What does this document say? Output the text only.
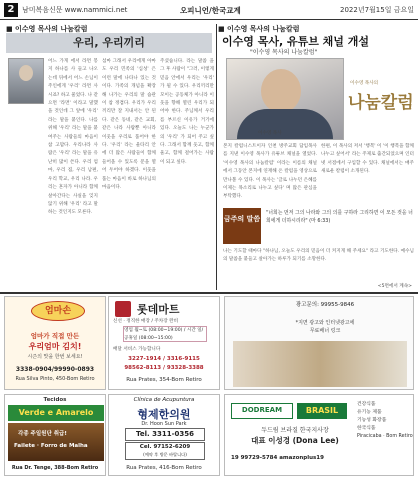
2	남미복음신문 www.nammici.net	오피니언/한국교계	2022년7월15일 금요일
■ 이수영 목사의 나눔칼럼
우리, 우리끼리
어느 가게 에서 라면 봉지 하나를 사 들고 나오는데 뒤에서 어느 손님이 주인에게 '우리' 라면 사시죠? 하고 물었다. 나 같으면 '라면' 이라고 말했을 것인데 그 앞에 '우리' 라는 말을 붙인다. 나를 위해 '우리' 라는 말을 붙여주는 사람들의 마음이 참 고맙다. 우리나라 사람은 '우리' 라는 말을 유난히 많이 쓴다. 우리 엄마, 우리 집, 우리 남편, 우리 학교, 우리 나라. 우리는 혼자가 아니라 함께 살아간다는 사실을 잊지 않기 위해 '우리' 라고 말하는 것인지도 모른다.
섬마 그래서 우리에게 아마도 우리 민족의 '심성' 은 이런 말에 나타나 있는 것이다. 가족의 개념을 확장해 나가는 우리의 말 습관이 참 정겹다. 우리가 우리끼리만 잘 지내서는 안 된다. 같은 동네, 같은 교회, 같은 나라 사람뿐 아니라 이웃을 우리로 품어야 한다. '우리' 라는 울타리 안에 더 많은 사람들이 함께 들어올 수 있도록 문을 열어 두어야 하겠다. 이웃을 품는 마음이 바로 하나님의 마음이다.
주셨습니다. 라는 말씀 을 그 후 사람이 "그러, 이렇게 믿음 안에서 우리는 '우리' 가 될 수 있다. 우리끼리만 모이는 공동체가 아니라 이웃을 향해 열린 우리가 되어야 한다. 주님께서 우리를 부르신 이유가 거기에 있다. 오늘도 나는 누군가의 '우리' 가 되어 주고 싶다. 그래서 함께 웃고, 함께 울고, 함께 걸어가는 사람이 되고 싶다.
■ 이수영 목사의 나눔칼럼
이수영 목사, 유튜브 채널 개설
"이수영 목사의 나눔칼럼"
이수영 목사
이수영 목사의
나눔칼럼
본지 칼럼니스트이자 인천 방주교회 담임목사를 지낸 이수영 목사가 유튜브 채널을 열었다. '이수영 목사의 나눔칼럼' 이라는 이름의 채널에서 그동안 본지에 연재해 온 칼럼을 영상으로 만나볼 수 있다. 이 목사는 '글로 나누던 은혜를 이제는 목소리로 나누고 싶다' 며 많은 관심을 부탁했다.
한편, 이 목사의 저서 '행복' 이 '이 행복을 함께 나누고 싶어서' 라는 주제로 출간되었으며 인터넷 서점에서 구입할 수 있다. 채널에서는 매주 새로운 칼럼이 소개된다.
금주의 말씀
"너희는 먼저 그의 나라와 그의 의를 구하라 그리하면 이 모든 것을 너희에게 더하시리라" (마 6:33)
나는 기도할 때마다 "하나님, 오늘도 우리의 믿음이 더 커지게 해 주세요" 라고 기도한다. 예수님의 말씀을 붙들고 살아가는 하루가 되기를 소망한다.
<5면에서 계속>
엄마손
엄마가 직접 만든
우리엄마 김치!
시즌의 맛을 한번 보세요!
3338-0904/99990-0893
Rua Silva Pinto, 450-Bom Retiro
롯데마트
신선 · 정직한 매장 / 주차장 완비
영업 월~토 (08:00~19:00) / 시간 일/공휴일 (08:00~15:00)
배달 서비스 가능합니다
3227-1914 / 3316-9115
98562-8113 / 93328-3388
Rua Prates, 354-Bom Retiro
광고문의: 99955-9846
*지면 광고와 인터넷광고에
무료배너 링크
Tecidos
Verde e Amarelo
각종 주일원단 취급!
Failete · Forro de Malha
Rua Dr. Tenge, 388-Bom Retiro
Clínica de Acupuntura
형제한의원
Dr. Hoon Sun Park
Tel. 3311-0356
Cel. 97152-6209
(예약 후 방문 바랍니다)
Rua Prates, 416-Bom Retiro
DODREAM	BRASIL
건강식품
유기농 제품
기능성 화장품
한국식품
Piracicaba · Bom Retiro
두드림 브라질 한국지사장
대표 이성경 (Dona Lee)
19 99729-5784 amazonplus19
